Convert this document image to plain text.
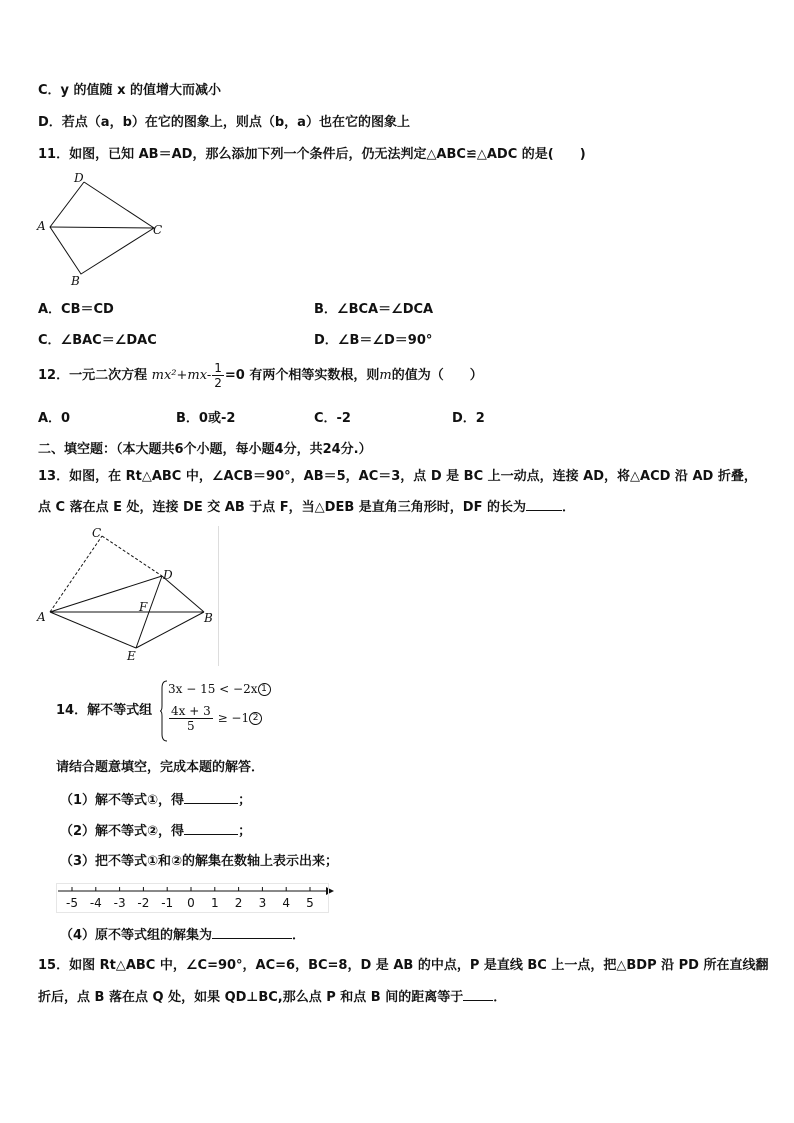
C．y 的值随 x 的值增大而减小
D．若点（a，b）在它的图象上，则点（b，a）也在它的图象上
11．如图，已知 AB＝AD，那么添加下列一个条件后，仍无法判定△ABC≌△ADC 的是(　　)
D
A	C
B
A．CB＝CD	B．∠BCA＝∠DCA
C．∠BAC＝∠DAC	D．∠B＝∠D＝90°
12．一元二次方程 $mx^2+mx- \frac{1}{2} =0$ 有两个相等实数根，则m的值为（　　）
A．0	B．0或-2	C．-2	D．2
二、填空题：（本大题共6个小题，每小题4分，共24分.）
13．如图，在 Rt△ABC 中，∠ACB＝90°，AB＝5，AC＝3，点 D 是 BC 上一动点，连接 AD，将△ACD 沿 AD 折叠，
点 C 落在点 E 处，连接 DE 交 AB 于点 F，当△DEB 是直角三角形时，DF 的长为	．
C
D
A
F
B
E
14．解不等式组
3x − 15 < −2x 1
$\frac{4x + 3}{5} \ge -1$ 2
请结合题意填空，完成本题的解答．
（1）解不等式①，得	；
（2）解不等式②，得	；
（3）把不等式①和②的解集在数轴上表示出来；
-5 -4 -3 -2 -1 0 1 2 3 4 5
（4）原不等式组的解集为	．
15．如图 Rt△ABC 中，∠C=90°，AC=6，BC=8，D 是 AB 的中点，P 是直线 BC 上一点，把△BDP 沿 PD 所在直线翻
折后，点 B 落在点 Q 处，如果 QD⊥BC,那么点 P 和点 B 间的距离等于 ．
